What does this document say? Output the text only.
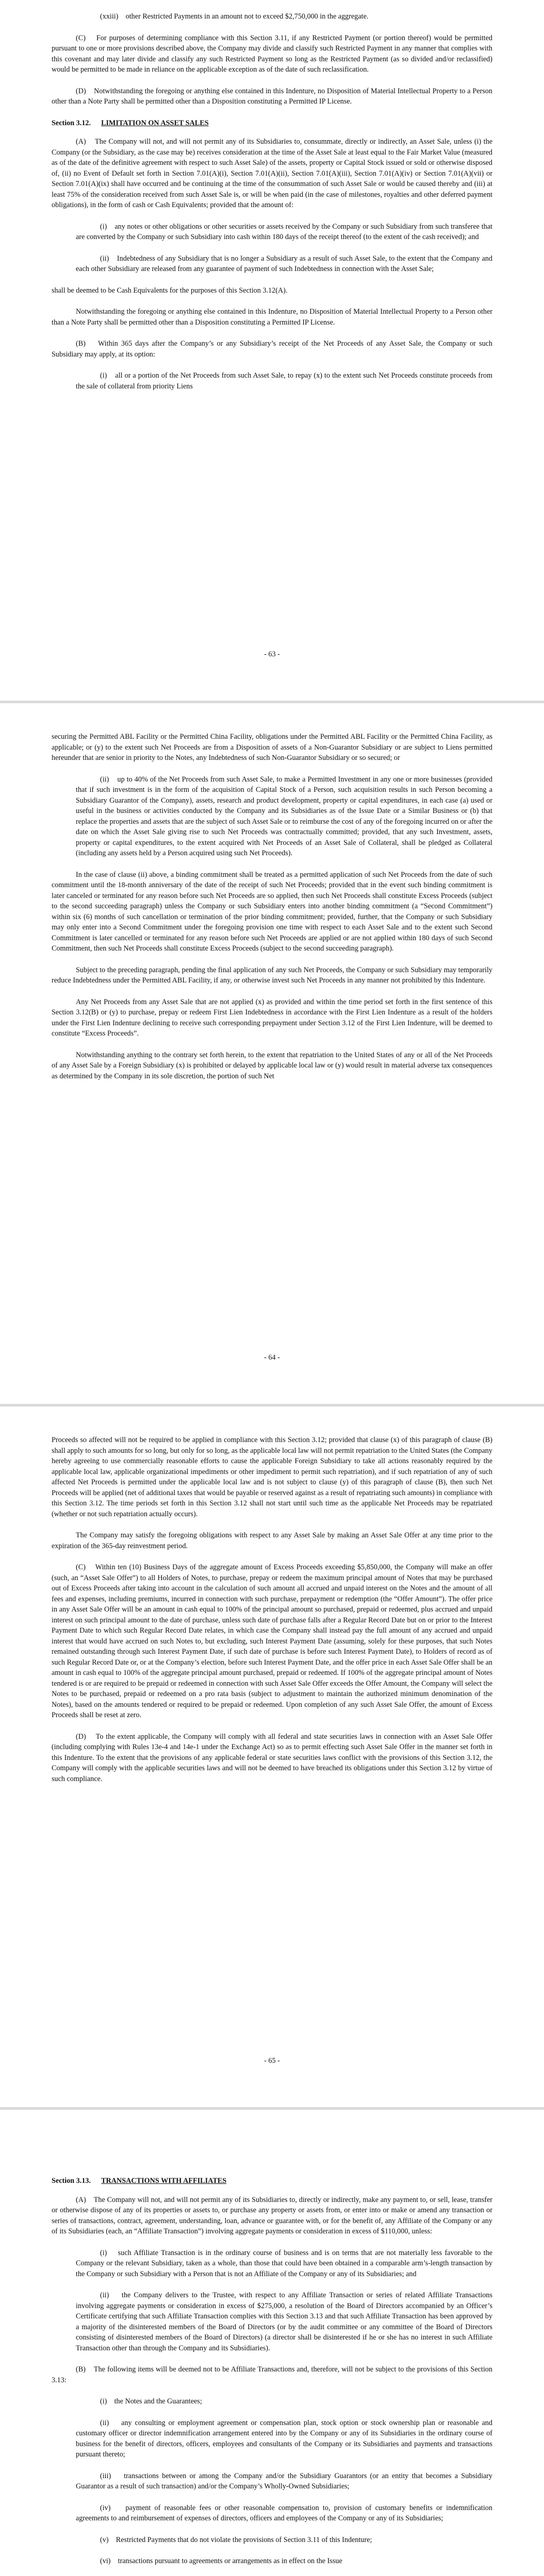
(xxiii)    other Restricted Payments in an amount not to exceed $2,750,000 in the aggregate.

(C)    For purposes of determining compliance with this Section 3.11, if any Restricted Payment (or portion thereof) would be permitted pursuant to one or more provisions described above, the Company may divide and classify such Restricted Payment in any manner that complies with this covenant and may later divide and classify any such Restricted Payment so long as the Restricted Payment (as so divided and/or reclassified) would be permitted to be made in reliance on the applicable exception as of the date of such reclassification.

(D)    Notwithstanding the foregoing or anything else contained in this Indenture, no Disposition of Material Intellectual Property to a Person other than a Note Party shall be permitted other than a Disposition constituting a Permitted IP License.

Section 3.12. LIMITATION ON ASSET SALES

(A)    The Company will not, and will not permit any of its Subsidiaries to, consummate, directly or indirectly, an Asset Sale, unless (i) the Company (or the Subsidiary, as the case may be) receives consideration at the time of the Asset Sale at least equal to the Fair Market Value (measured as of the date of the definitive agreement with respect to such Asset Sale) of the assets, property or Capital Stock issued or sold or otherwise disposed of, (ii) no Event of Default set forth in Section 7.01(A)(i), Section 7.01(A)(ii), Section 7.01(A)(iii), Section 7.01(A)(iv) or Section 7.01(A)(vii) or Section 7.01(A)(ix) shall have occurred and be continuing at the time of the consummation of such Asset Sale or would be caused thereby and (iii) at least 75% of the consideration received from such Asset Sale is, or will be when paid (in the case of milestones, royalties and other deferred payment obligations), in the form of cash or Cash Equivalents; provided that the amount of:

(i)    any notes or other obligations or other securities or assets received by the Company or such Subsidiary from such transferee that are converted by the Company or such Subsidiary into cash within 180 days of the receipt thereof (to the extent of the cash received); and

(ii)    Indebtedness of any Subsidiary that is no longer a Subsidiary as a result of such Asset Sale, to the extent that the Company and each other Subsidiary are released from any guarantee of payment of such Indebtedness in connection with the Asset Sale;

shall be deemed to be Cash Equivalents for the purposes of this Section 3.12(A).

Notwithstanding the foregoing or anything else contained in this Indenture, no Disposition of Material Intellectual Property to a Person other than a Note Party shall be permitted other than a Disposition constituting a Permitted IP License.

(B)    Within 365 days after the Company’s or any Subsidiary’s receipt of the Net Proceeds of any Asset Sale, the Company or such Subsidiary may apply, at its option:

(i)    all or a portion of the Net Proceeds from such Asset Sale, to repay (x) to the extent such Net Proceeds constitute proceeds from the sale of collateral from priority Liens

- 63 -

securing the Permitted ABL Facility or the Permitted China Facility, obligations under the Permitted ABL Facility or the Permitted China Facility, as applicable; or (y) to the extent such Net Proceeds are from a Disposition of assets of a Non-Guarantor Subsidiary or are subject to Liens permitted hereunder that are senior in priority to the Notes, any Indebtedness of such Non-Guarantor Subsidiary or so secured; or

(ii)    up to 40% of the Net Proceeds from such Asset Sale, to make a Permitted Investment in any one or more businesses (provided that if such investment is in the form of the acquisition of Capital Stock of a Person, such acquisition results in such Person becoming a Subsidiary Guarantor of the Company), assets, research and product development, property or capital expenditures, in each case (a) used or useful in the business or activities conducted by the Company and its Subsidiaries as of the Issue Date or a Similar Business or (b) that replace the properties and assets that are the subject of such Asset Sale or to reimburse the cost of any of the foregoing incurred on or after the date on which the Asset Sale giving rise to such Net Proceeds was contractually committed; provided, that any such Investment, assets, property or capital expenditures, to the extent acquired with Net Proceeds of an Asset Sale of Collateral, shall be pledged as Collateral (including any assets held by a Person acquired using such Net Proceeds).

In the case of clause (ii) above, a binding commitment shall be treated as a permitted application of such Net Proceeds from the date of such commitment until the 18-month anniversary of the date of the receipt of such Net Proceeds; provided that in the event such binding commitment is later canceled or terminated for any reason before such Net Proceeds are so applied, then such Net Proceeds shall constitute Excess Proceeds (subject to the second succeeding paragraph) unless the Company or such Subsidiary enters into another binding commitment (a “Second Commitment”) within six (6) months of such cancellation or termination of the prior binding commitment; provided, further, that the Company or such Subsidiary may only enter into a Second Commitment under the foregoing provision one time with respect to each Asset Sale and to the extent such Second Commitment is later cancelled or terminated for any reason before such Net Proceeds are applied or are not applied within 180 days of such Second Commitment, then such Net Proceeds shall constitute Excess Proceeds (subject to the second succeeding paragraph).

Subject to the preceding paragraph, pending the final application of any such Net Proceeds, the Company or such Subsidiary may temporarily reduce Indebtedness under the Permitted ABL Facility, if any, or otherwise invest such Net Proceeds in any manner not prohibited by this Indenture.

Any Net Proceeds from any Asset Sale that are not applied (x) as provided and within the time period set forth in the first sentence of this Section 3.12(B) or (y) to purchase, prepay or redeem First Lien Indebtedness in accordance with the First Lien Indenture as a result of the holders under the First Lien Indenture declining to receive such corresponding prepayment under Section 3.12 of the First Lien Indenture, will be deemed to constitute “Excess Proceeds”.

Notwithstanding anything to the contrary set forth herein, to the extent that repatriation to the United States of any or all of the Net Proceeds of any Asset Sale by a Foreign Subsidiary (x) is prohibited or delayed by applicable local law or (y) would result in material adverse tax consequences as determined by the Company in its sole discretion, the portion of such Net

- 64 -

Proceeds so affected will not be required to be applied in compliance with this Section 3.12; provided that clause (x) of this paragraph of clause (B) shall apply to such amounts for so long, but only for so long, as the applicable local law will not permit repatriation to the United States (the Company hereby agreeing to use commercially reasonable efforts to cause the applicable Foreign Subsidiary to take all actions reasonably required by the applicable local law, applicable organizational impediments or other impediment to permit such repatriation), and if such repatriation of any of such affected Net Proceeds is permitted under the applicable local law and is not subject to clause (y) of this paragraph of clause (B), then such Net Proceeds will be applied (net of additional taxes that would be payable or reserved against as a result of repatriating such amounts) in compliance with this Section 3.12. The time periods set forth in this Section 3.12 shall not start until such time as the applicable Net Proceeds may be repatriated (whether or not such repatriation actually occurs).

The Company may satisfy the foregoing obligations with respect to any Asset Sale by making an Asset Sale Offer at any time prior to the expiration of the 365-day reinvestment period.

(C)    Within ten (10) Business Days of the aggregate amount of Excess Proceeds exceeding $5,850,000, the Company will make an offer (such, an “Asset Sale Offer”) to all Holders of Notes, to purchase, prepay or redeem the maximum principal amount of Notes that may be purchased out of Excess Proceeds after taking into account in the calculation of such amount all accrued and unpaid interest on the Notes and the amount of all fees and expenses, including premiums, incurred in connection with such purchase, prepayment or redemption (the “Offer Amount”). The offer price in any Asset Sale Offer will be an amount in cash equal to 100% of the principal amount so purchased, prepaid or redeemed, plus accrued and unpaid interest on such principal amount to the date of purchase, unless such date of purchase falls after a Regular Record Date but on or prior to the Interest Payment Date to which such Regular Record Date relates, in which case the Company shall instead pay the full amount of any accrued and unpaid interest that would have accrued on such Notes to, but excluding, such Interest Payment Date (assuming, solely for these purposes, that such Notes remained outstanding through such Interest Payment Date, if such date of purchase is before such Interest Payment Date), to Holders of record as of such Regular Record Date or, or at the Company’s election, before such Interest Payment Date, and the offer price in each Asset Sale Offer shall be an amount in cash equal to 100% of the aggregate principal amount purchased, prepaid or redeemed. If 100% of the aggregate principal amount of Notes tendered is or are required to be prepaid or redeemed in connection with such Asset Sale Offer exceeds the Offer Amount, the Company will select the Notes to be purchased, prepaid or redeemed on a pro rata basis (subject to adjustment to maintain the authorized minimum denomination of the Notes), based on the amounts tendered or required to be prepaid or redeemed. Upon completion of any such Asset Sale Offer, the amount of Excess Proceeds shall be reset at zero.

(D)    To the extent applicable, the Company will comply with all federal and state securities laws in connection with an Asset Sale Offer (including complying with Rules 13e-4 and 14e-1 under the Exchange Act) so as to permit effecting such Asset Sale Offer in the manner set forth in this Indenture. To the extent that the provisions of any applicable federal or state securities laws conflict with the provisions of this Section 3.12, the Company will comply with the applicable securities laws and will not be deemed to have breached its obligations under this Section 3.12 by virtue of such compliance.

- 65 -
Section 3.13. TRANSACTIONS WITH AFFILIATES

(A)    The Company will not, and will not permit any of its Subsidiaries to, directly or indirectly, make any payment to, or sell, lease, transfer or otherwise dispose of any of its properties or assets to, or purchase any property or assets from, or enter into or make or amend any transaction or series of transactions, contract, agreement, understanding, loan, advance or guarantee with, or for the benefit of, any Affiliate of the Company or any of its Subsidiaries (each, an “Affiliate Transaction”) involving aggregate payments or consideration in excess of $110,000, unless:

(i)    such Affiliate Transaction is in the ordinary course of business and is on terms that are not materially less favorable to the Company or the relevant Subsidiary, taken as a whole, than those that could have been obtained in a comparable arm’s-length transaction by the Company or such Subsidiary with a Person that is not an Affiliate of the Company or any of its Subsidiaries; and

(ii)    the Company delivers to the Trustee, with respect to any Affiliate Transaction or series of related Affiliate Transactions involving aggregate payments or consideration in excess of $275,000, a resolution of the Board of Directors accompanied by an Officer’s Certificate certifying that such Affiliate Transaction complies with this Section 3.13 and that such Affiliate Transaction has been approved by a majority of the disinterested members of the Board of Directors (or by the audit committee or any committee of the Board of Directors consisting of disinterested members of the Board of Directors) (a director shall be disinterested if he or she has no interest in such Affiliate Transaction other than through the Company and its Subsidiaries).

(B)    The following items will be deemed not to be Affiliate Transactions and, therefore, will not be subject to the provisions of this Section 3.13:

(i)    the Notes and the Guarantees;

(ii)    any consulting or employment agreement or compensation plan, stock option or stock ownership plan or reasonable and customary officer or director indemnification arrangement entered into by the Company or any of its Subsidiaries in the ordinary course of business for the benefit of directors, officers, employees and consultants of the Company or its Subsidiaries and payments and transactions pursuant thereto;

(iii)    transactions between or among the Company and/or the Subsidiary Guarantors (or an entity that becomes a Subsidiary Guarantor as a result of such transaction) and/or the Company’s Wholly-Owned Subsidiaries;

(iv)    payment of reasonable fees or other reasonable compensation to, provision of customary benefits or indemnification agreements to and reimbursement of expenses of directors, officers and employees of the Company or any of its Subsidiaries;

(v)    Restricted Payments that do not violate the provisions of Section 3.11 of this Indenture;

(vi)    transactions pursuant to agreements or arrangements as in effect on the Issue
